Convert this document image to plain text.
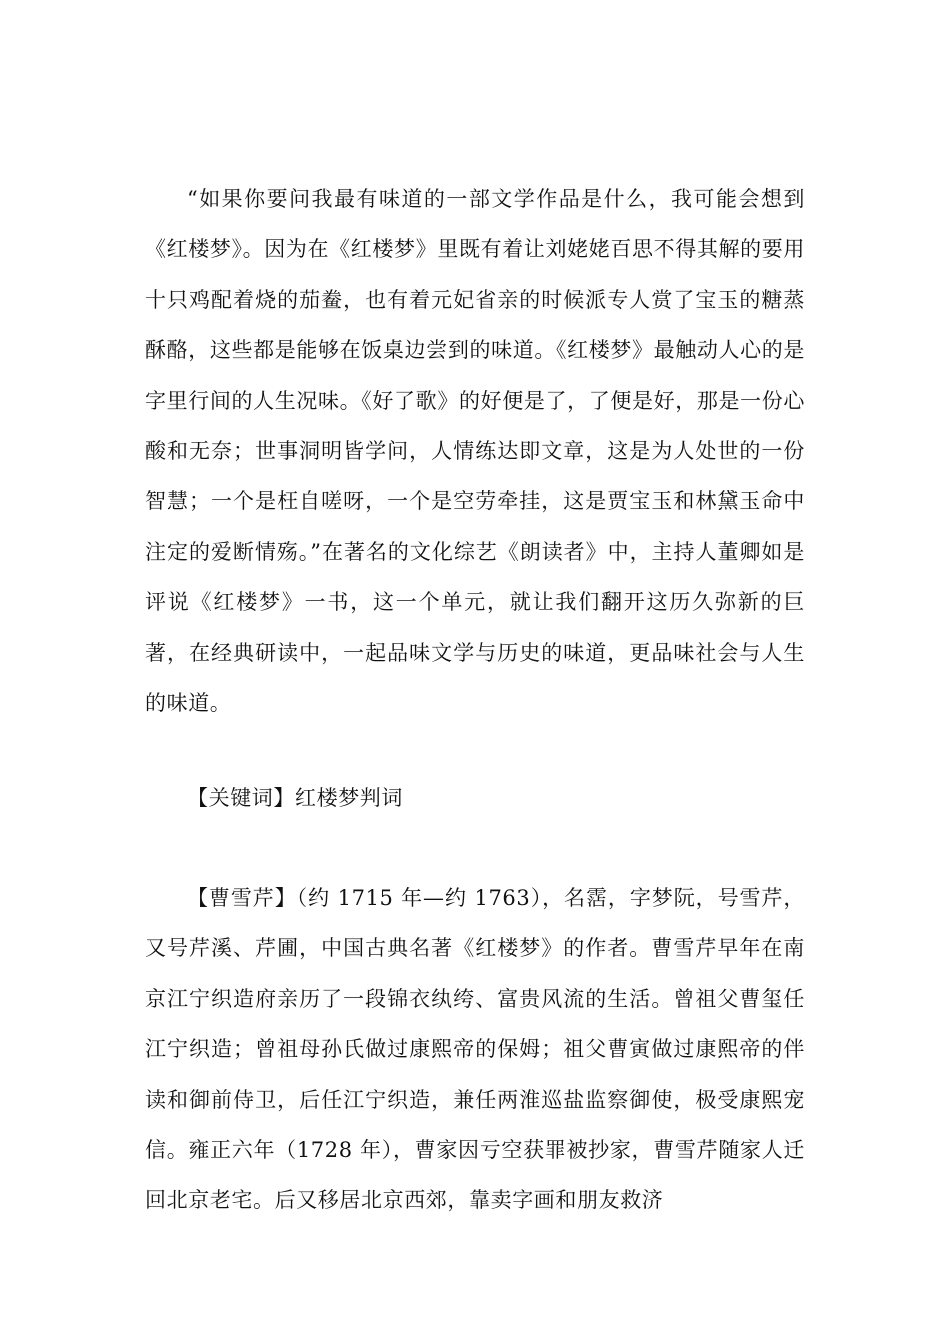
“如果你要问我最有味道的一部文学作品是什么，我可能会想到《红楼梦》。因为在《红楼梦》里既有着让刘姥姥百思不得其解的要用十只鸡配着烧的茄鲞，也有着元妃省亲的时候派专人赏了宝玉的糖蒸酥酪，这些都是能够在饭桌边尝到的味道。《红楼梦》最触动人心的是字里行间的人生况味。《好了歌》的好便是了，了便是好，那是一份心酸和无奈；世事洞明皆学问，人情练达即文章，这是为人处世的一份智慧；一个是枉自嗟呀，一个是空劳牵挂，这是贾宝玉和林黛玉命中注定的爱断情殇。”在著名的文化综艺《朗读者》中，主持人董卿如是评说《红楼梦》一书，这一个单元，就让我们翻开这历久弥新的巨著，在经典研读中，一起品味文学与历史的味道，更品味社会与人生的味道。

【关键词】红楼梦判词

【曹雪芹】（约 1715 年—约 1763），名霑，字梦阮，号雪芹，又号芹溪、芹圃，中国古典名著《红楼梦》的作者。曹雪芹早年在南京江宁织造府亲历了一段锦衣纨绔、富贵风流的生活。曾祖父曹玺任江宁织造；曾祖母孙氏做过康熙帝的保姆；祖父曹寅做过康熙帝的伴读和御前侍卫，后任江宁织造，兼任两淮巡盐监察御使，极受康熙宠信。雍正六年（1728 年），曹家因亏空获罪被抄家，曹雪芹随家人迁回北京老宅。后又移居北京西郊，靠卖字画和朋友救济
